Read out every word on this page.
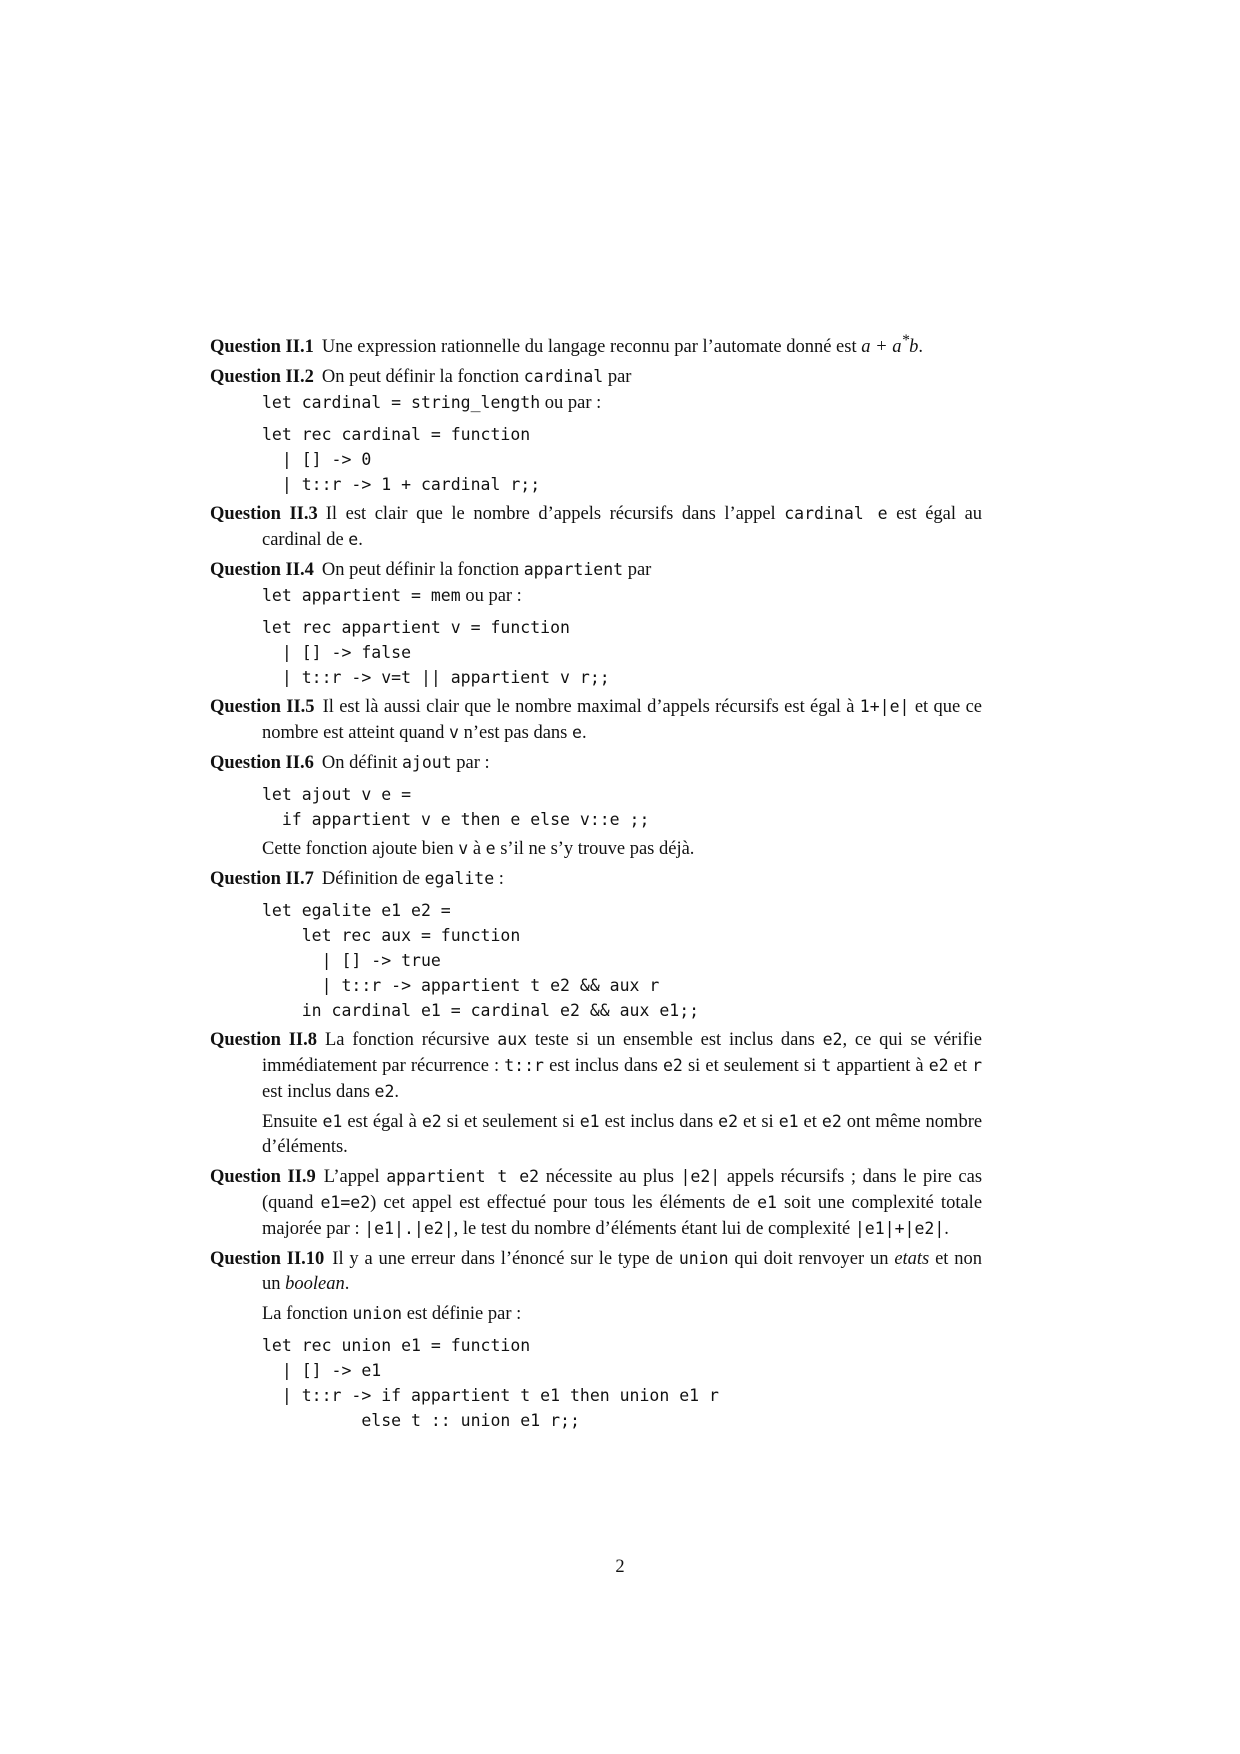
Question II.1 Une expression rationnelle du langage reconnu par l’automate donné est a + a*b.
Question II.2 On peut définir la fonction cardinal par
let cardinal = string_length ou par :
let rec cardinal = function
| [] -> 0
| t::r -> 1 + cardinal r;;
Question II.3 Il est clair que le nombre d’appels récursifs dans l’appel cardinal e est égal au cardinal de e.
Question II.4 On peut définir la fonction appartient par
let appartient = mem ou par :
let rec appartient v = function
| [] -> false
| t::r -> v=t || appartient v r;;
Question II.5 Il est là aussi clair que le nombre maximal d’appels récursifs est égal à 1+|e| et que ce nombre est atteint quand v n’est pas dans e.
Question II.6 On définit ajout par :
let ajout v e =
if appartient v e then e else v::e ;;
Cette fonction ajoute bien v à e s’il ne s’y trouve pas déjà.
Question II.7 Définition de egalite :
let egalite e1 e2 =
let rec aux = function
| [] -> true
| t::r -> appartient t e2 && aux r
in cardinal e1 = cardinal e2 && aux e1;;
Question II.8 La fonction récursive aux teste si un ensemble est inclus dans e2, ce qui se vérifie immédiatement par récurrence : t::r est inclus dans e2 si et seulement si t appartient à e2 et r est inclus dans e2.
Ensuite e1 est égal à e2 si et seulement si e1 est inclus dans e2 et si e1 et e2 ont même nombre d’éléments.
Question II.9 L’appel appartient t e2 nécessite au plus |e2| appels récursifs ; dans le pire cas (quand e1=e2) cet appel est effectué pour tous les éléments de e1 soit une complexité totale majorée par : |e1|.|e2|, le test du nombre d’éléments étant lui de complexité |e1|+|e2|.
Question II.10 Il y a une erreur dans l’énoncé sur le type de union qui doit renvoyer un etats et non un boolean.
La fonction union est définie par :
let rec union e1 = function
| [] -> e1
| t::r -> if appartient t e1 then union e1 r
else t :: union e1 r;;
2
